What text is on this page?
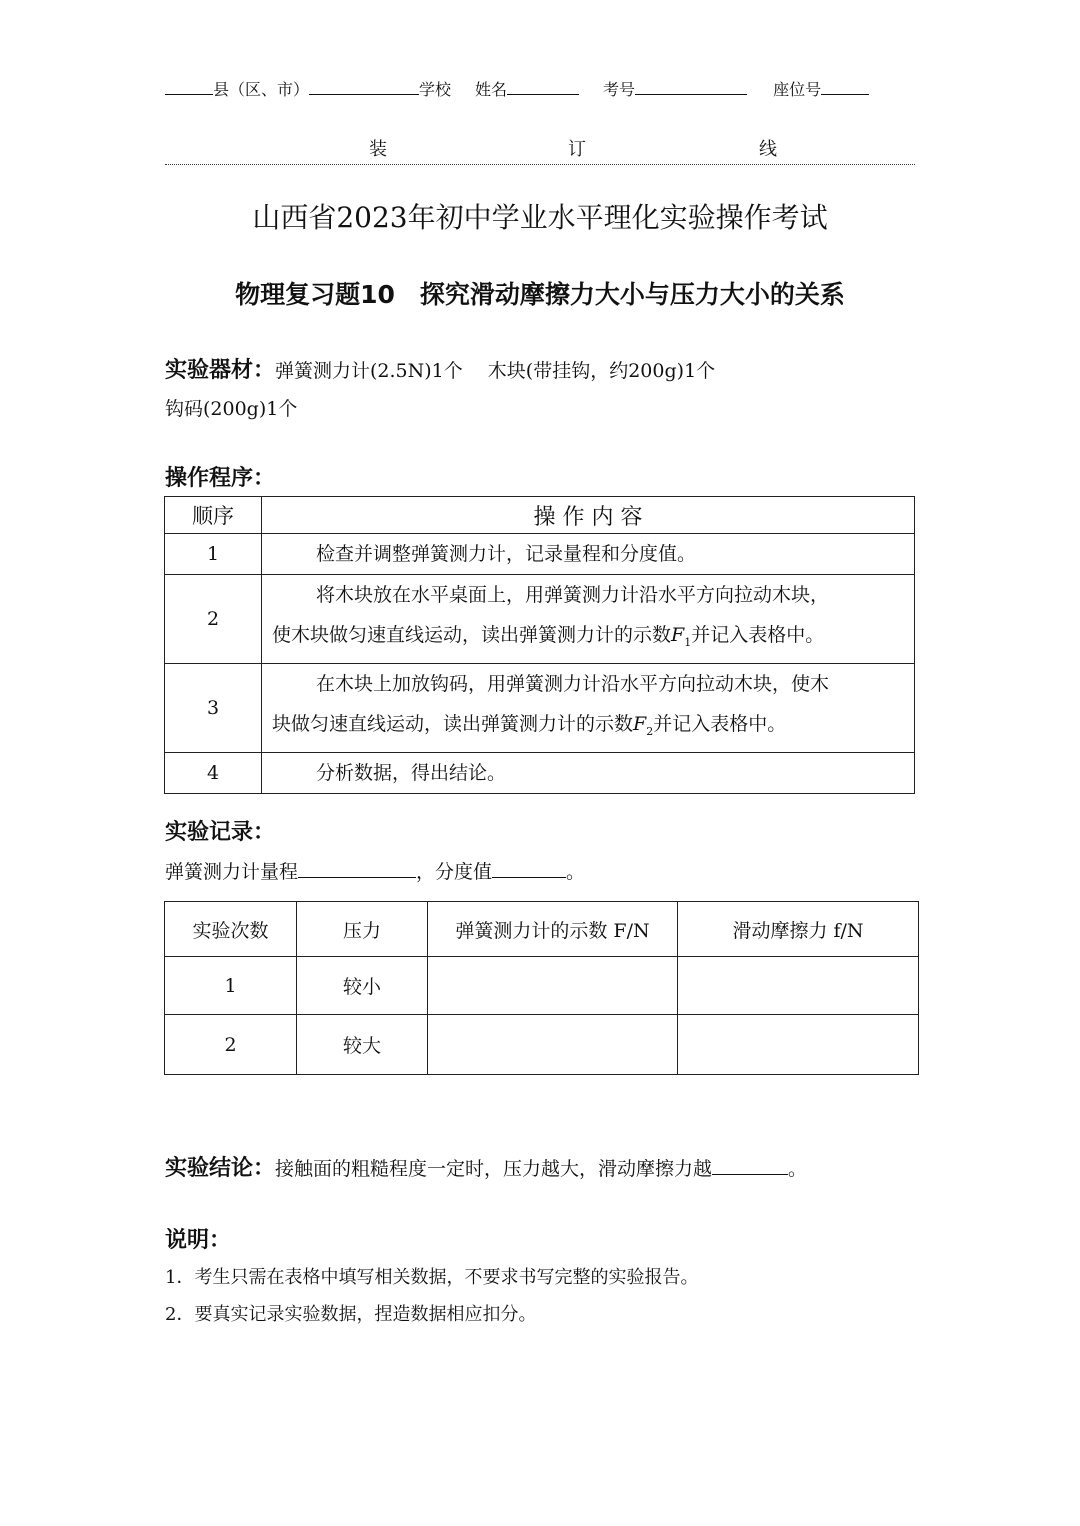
县（区、市）	学校 姓名	考号	座位号
装	订	线
山西省2023年初中学业水平理化实验操作考试
物理复习题10　探究滑动摩擦力大小与压力大小的关系
实验器材：弹簧测力计(2.5N)1个　 木块(带挂钩，约200g)1个
钩码(200g)1个
操作程序：
顺序	操 作 内 容
1	检查并调整弹簧测力计，记录量程和分度值。
2	将木块放在水平桌面上，用弹簧测力计沿水平方向拉动木块，
使木块做匀速直线运动，读出弹簧测力计的示数$F_1$并记入表格中。
3	在木块上加放钩码，用弹簧测力计沿水平方向拉动木块，使木
块做匀速直线运动，读出弹簧测力计的示数$F_2$并记入表格中。
4	分析数据，得出结论。
实验记录：
弹簧测力计量程	，分度值	。
实验次数	压力	弹簧测力计的示数 F/N	滑动摩擦力 f/N
1	较小		
2	较大		
实验结论：接触面的粗糙程度一定时，压力越大，滑动摩擦力越	。
说明：
1．考生只需在表格中填写相关数据，不要求书写完整的实验报告。
2．要真实记录实验数据，捏造数据相应扣分。
